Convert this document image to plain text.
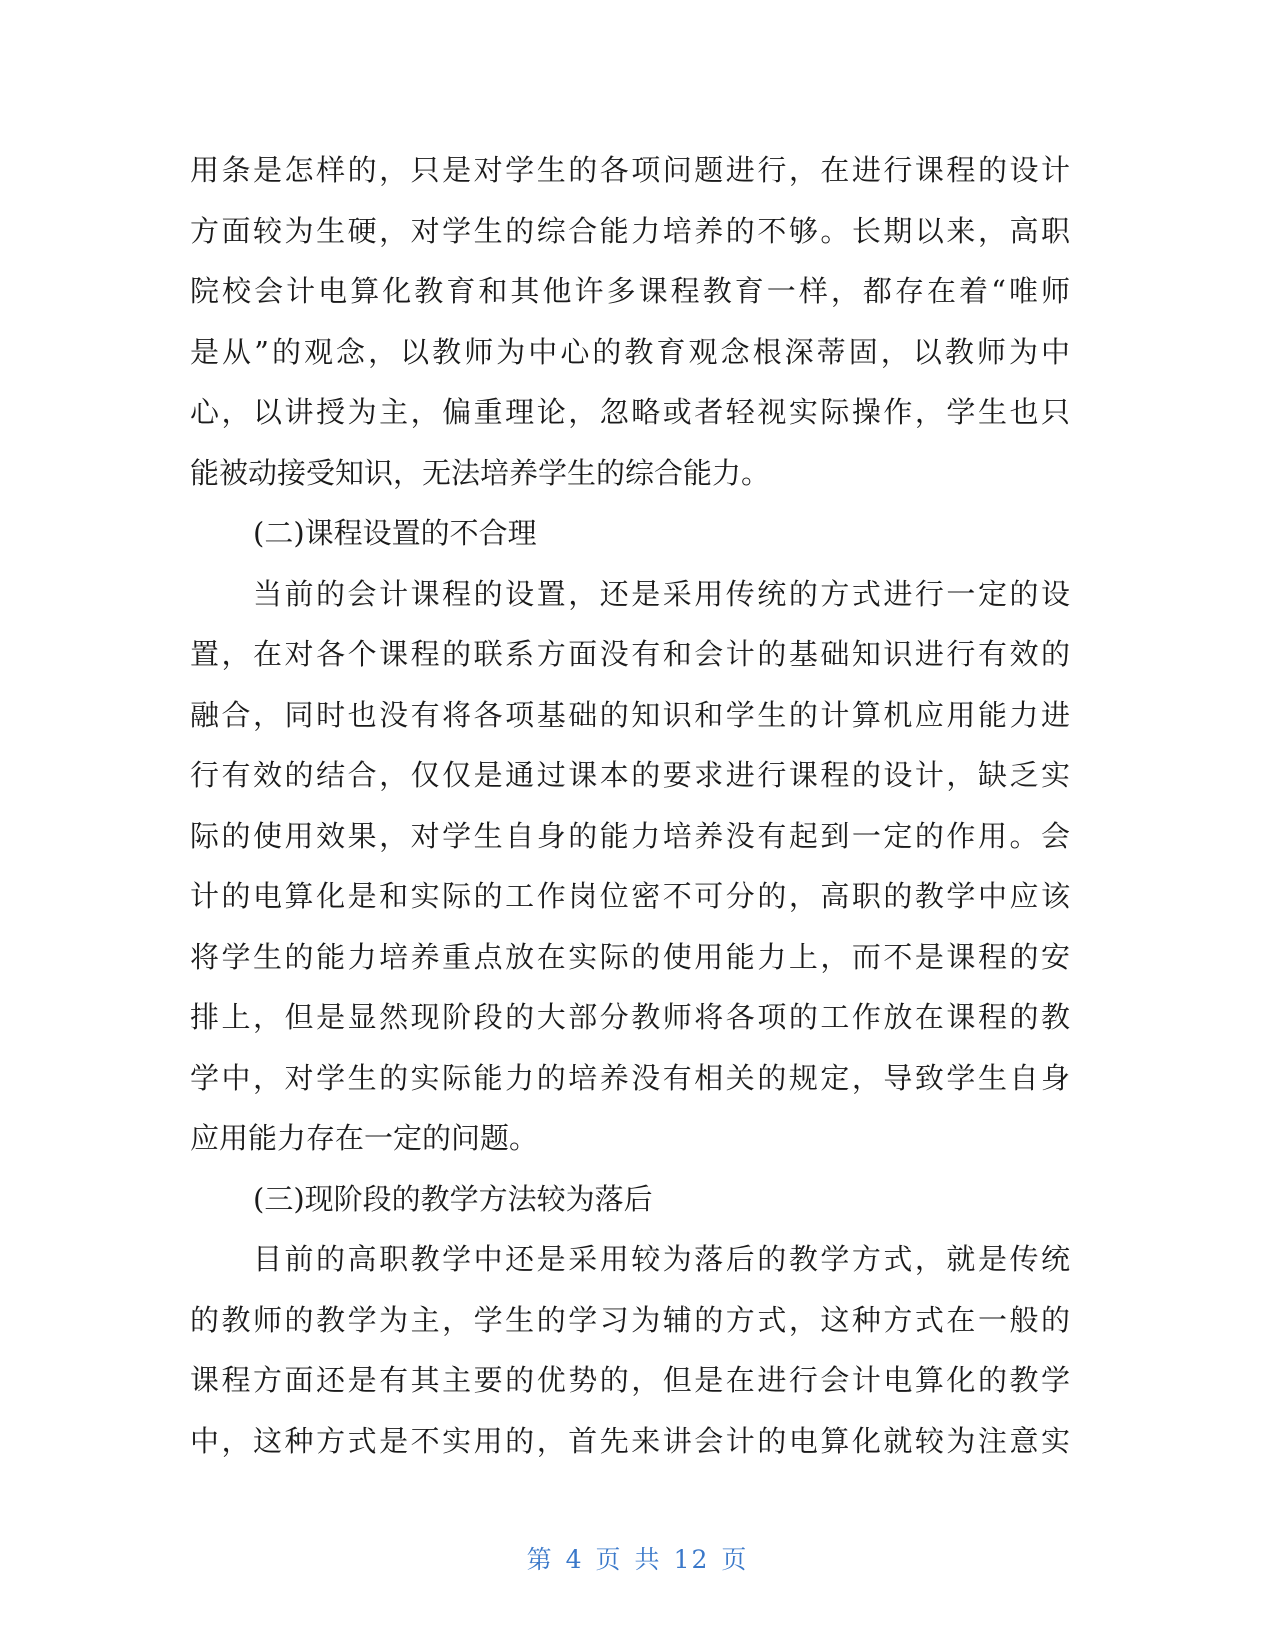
用条是怎样的，只是对学生的各项问题进行，在进行课程的设计
方面较为生硬，对学生的综合能力培养的不够。长期以来，高职
院校会计电算化教育和其他许多课程教育一样，都存在着“唯师
是从”的观念，以教师为中心的教育观念根深蒂固，以教师为中
心，以讲授为主，偏重理论，忽略或者轻视实际操作，学生也只
能被动接受知识，无法培养学生的综合能力。
(二)课程设置的不合理
当前的会计课程的设置，还是采用传统的方式进行一定的设
置，在对各个课程的联系方面没有和会计的基础知识进行有效的
融合，同时也没有将各项基础的知识和学生的计算机应用能力进
行有效的结合，仅仅是通过课本的要求进行课程的设计，缺乏实
际的使用效果，对学生自身的能力培养没有起到一定的作用。会
计的电算化是和实际的工作岗位密不可分的，高职的教学中应该
将学生的能力培养重点放在实际的使用能力上，而不是课程的安
排上，但是显然现阶段的大部分教师将各项的工作放在课程的教
学中，对学生的实际能力的培养没有相关的规定，导致学生自身
应用能力存在一定的问题。
(三)现阶段的教学方法较为落后
目前的高职教学中还是采用较为落后的教学方式，就是传统
的教师的教学为主，学生的学习为辅的方式，这种方式在一般的
课程方面还是有其主要的优势的，但是在进行会计电算化的教学
中，这种方式是不实用的，首先来讲会计的电算化就较为注意实
第 4 页 共 12 页
